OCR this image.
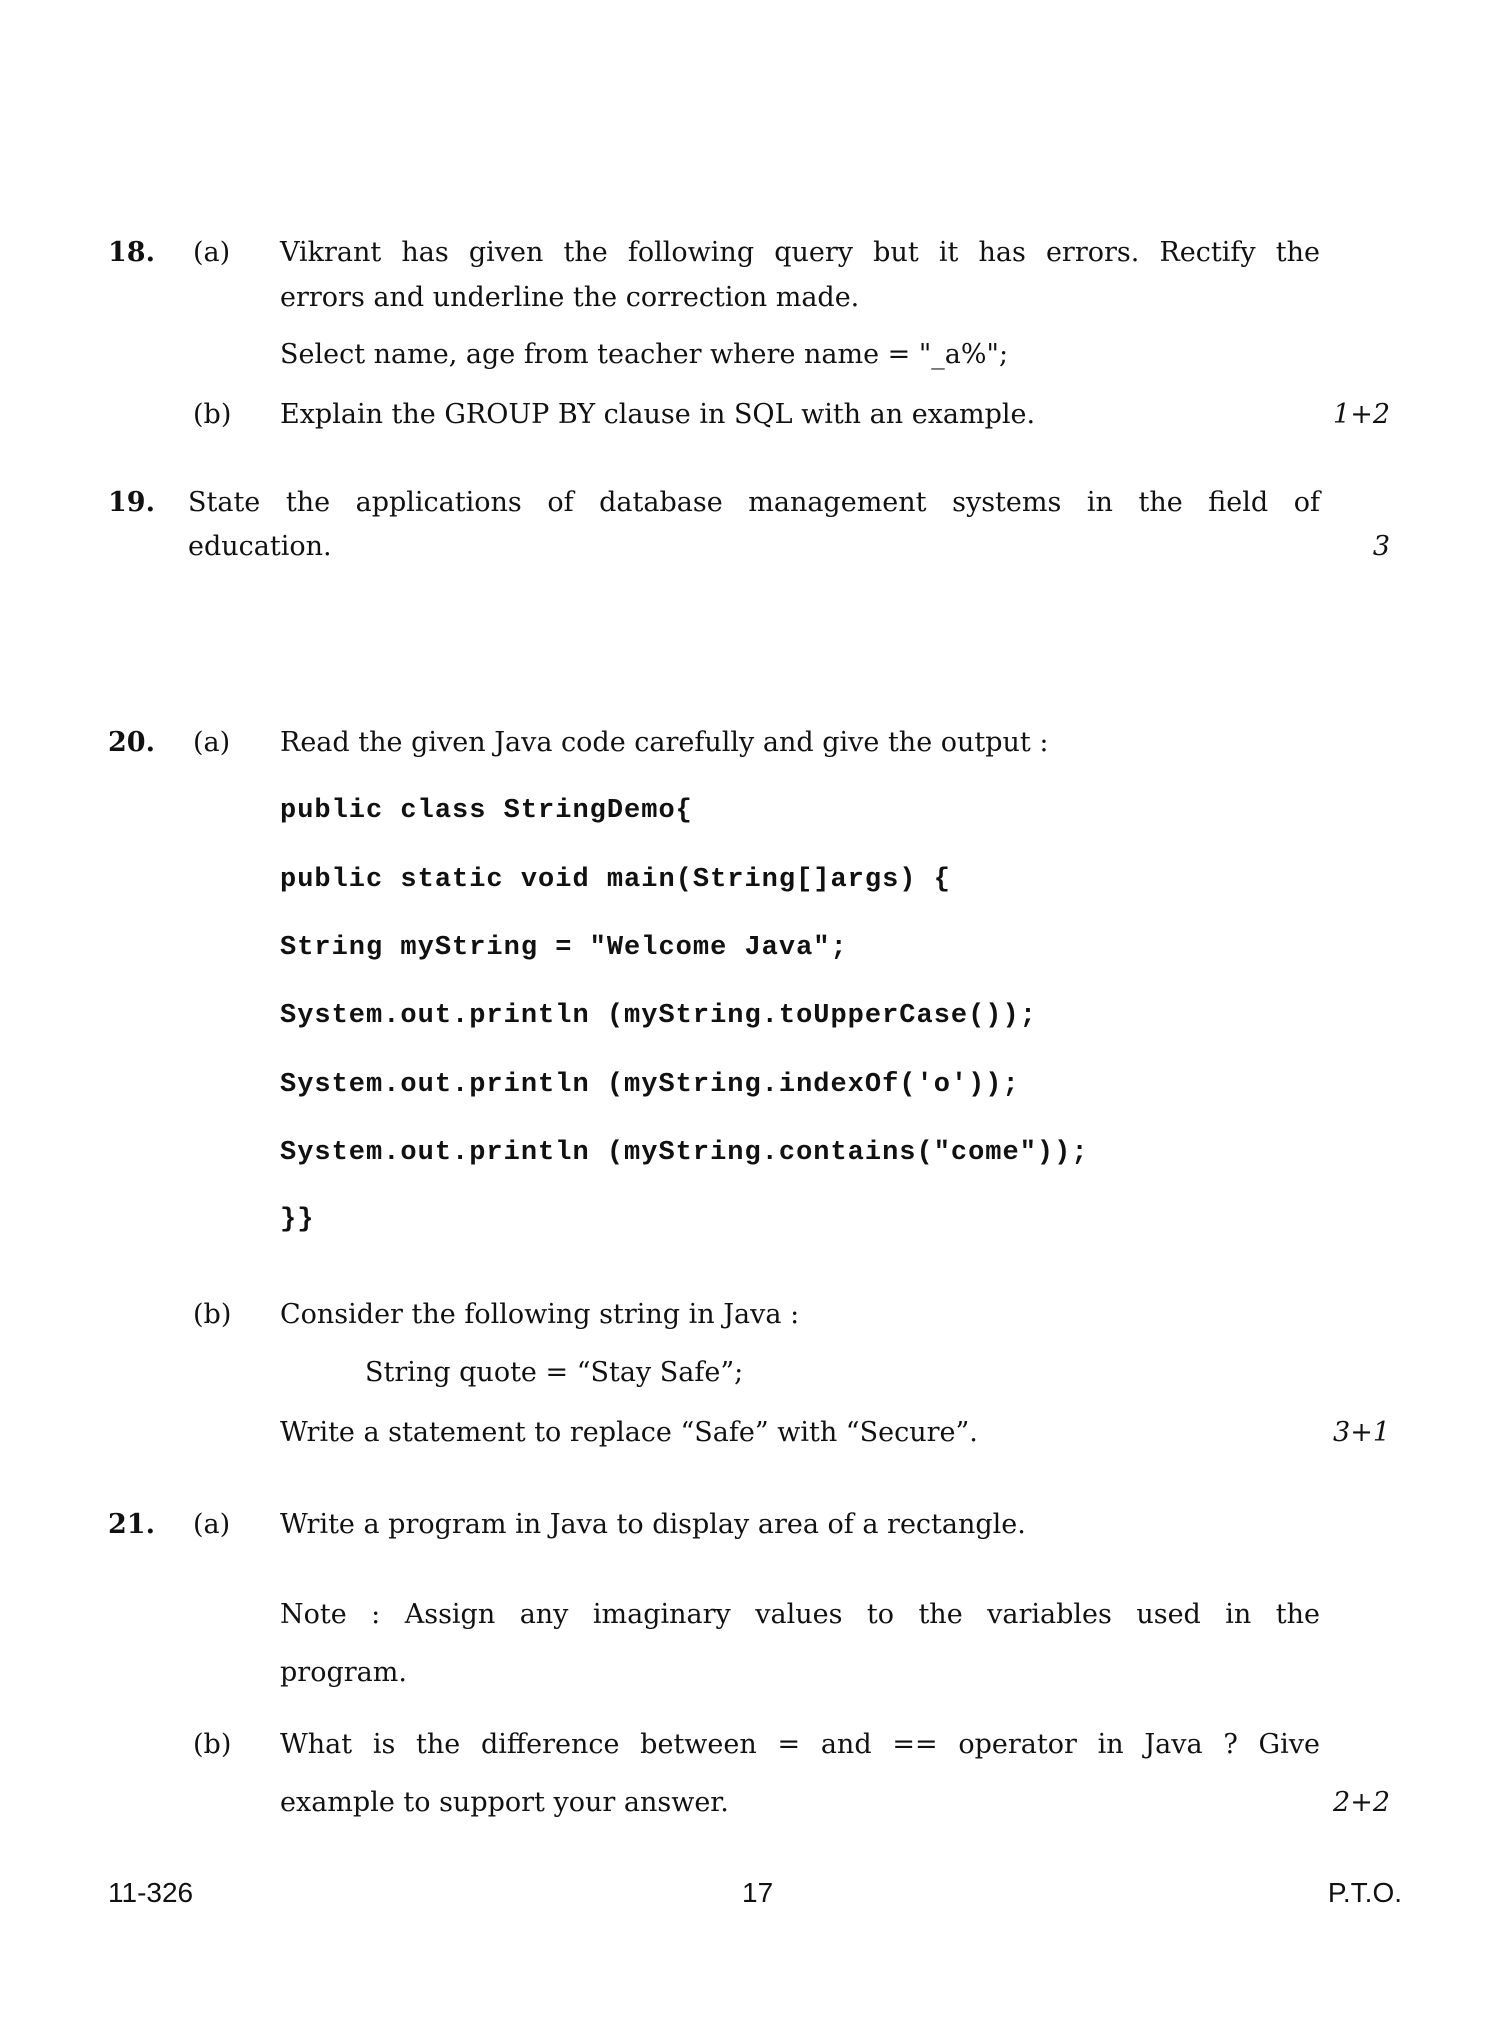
18. (a) Vikrant has given the following query but it has errors. Rectify the
errors and underline the correction made.
Select name, age from teacher where name = "_a%";
(b) Explain the GROUP BY clause in SQL with an example.	1+2
19. State the applications of database management systems in the field of
education.	3
20. (a) Read the given Java code carefully and give the output :
public class StringDemo{
public static void main(String[]args) {
String myString = "Welcome Java";
System.out.println (myString.toUpperCase());
System.out.println (myString.indexOf('o'));
System.out.println (myString.contains("come"));
}}
(b) Consider the following string in Java :
String quote = “Stay Safe”;
Write a statement to replace “Safe” with “Secure”.	3+1
21. (a) Write a program in Java to display area of a rectangle.
Note : Assign any imaginary values to the variables used in the
program.
(b) What is the difference between = and == operator in Java ? Give
example to support your answer.	2+2
11-326	17	P.T.O.
